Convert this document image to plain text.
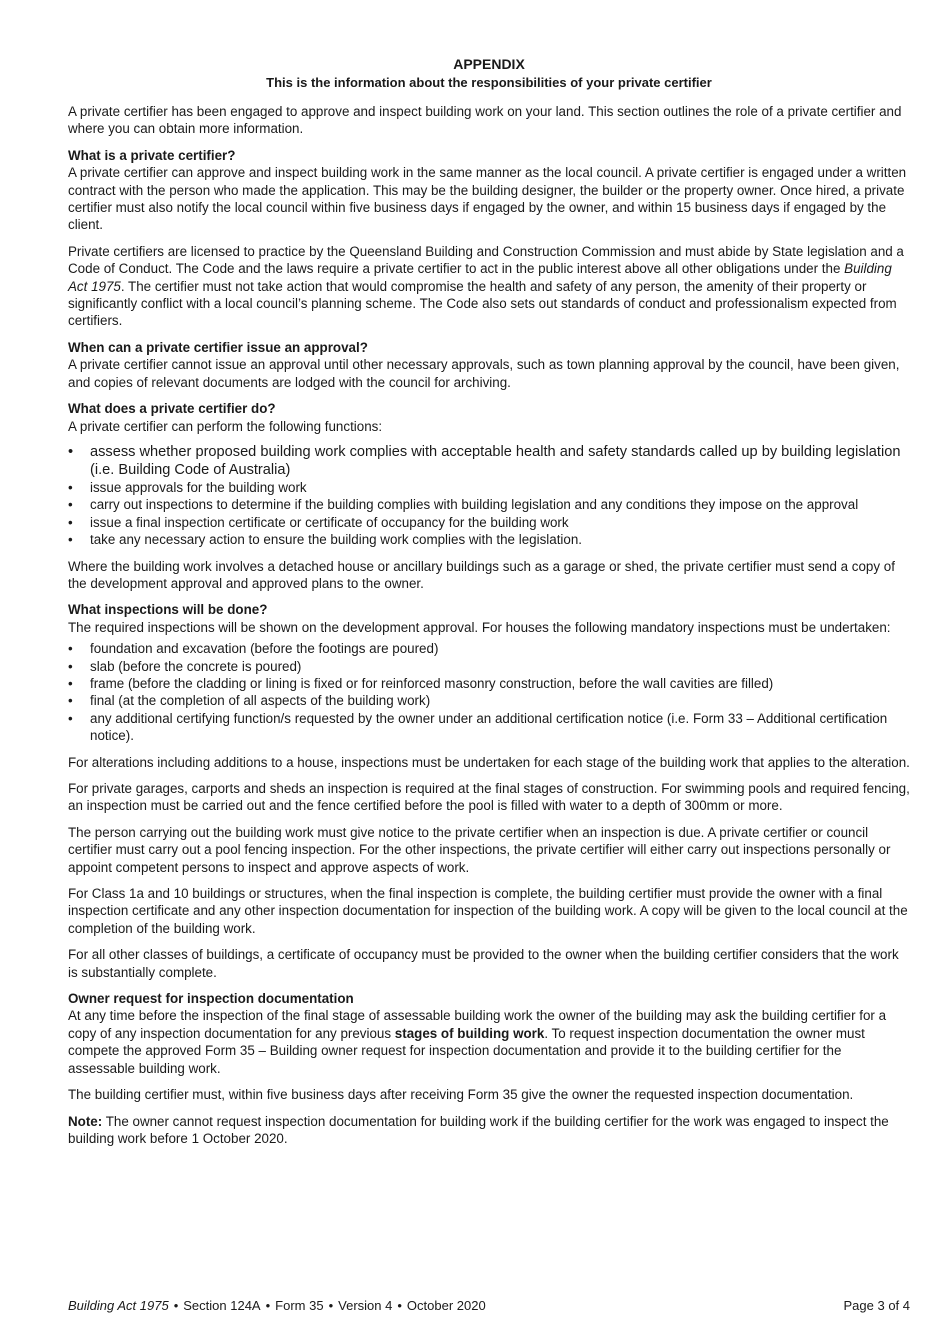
APPENDIX
This is the information about the responsibilities of your private certifier

A private certifier has been engaged to approve and inspect building work on your land. This section outlines the role of a private certifier and where you can obtain more information.

What is a private certifier?

A private certifier can approve and inspect building work in the same manner as the local council. A private certifier is engaged under a written contract with the person who made the application. This may be the building designer, the builder or the property owner. Once hired, a private certifier must also notify the local council within five business days if engaged by the owner, and within 15 business days if engaged by the client.

Private certifiers are licensed to practice by the Queensland Building and Construction Commission and must abide by State legislation and a Code of Conduct. The Code and the laws require a private certifier to act in the public interest above all other obligations under the Building Act 1975. The certifier must not take action that would compromise the health and safety of any person, the amenity of their property or significantly conflict with a local council’s planning scheme. The Code also sets out standards of conduct and professionalism expected from certifiers.

When can a private certifier issue an approval?

A private certifier cannot issue an approval until other necessary approvals, such as town planning approval by the council, have been given, and copies of relevant documents are lodged with the council for archiving.

What does a private certifier do?

A private certifier can perform the following functions:

• assess whether proposed building work complies with acceptable health and safety standards called up by building legislation (i.e. Building Code of Australia)
• issue approvals for the building work
• carry out inspections to determine if the building complies with building legislation and any conditions they impose on the approval
• issue a final inspection certificate or certificate of occupancy for the building work
• take any necessary action to ensure the building work complies with the legislation.

Where the building work involves a detached house or ancillary buildings such as a garage or shed, the private certifier must send a copy of the development approval and approved plans to the owner.

What inspections will be done?

The required inspections will be shown on the development approval. For houses the following mandatory inspections must be undertaken:

• foundation and excavation (before the footings are poured)
• slab (before the concrete is poured)
• frame (before the cladding or lining is fixed or for reinforced masonry construction, before the wall cavities are filled)
• final (at the completion of all aspects of the building work)
• any additional certifying function/s requested by the owner under an additional certification notice (i.e. Form 33 – Additional certification notice).

For alterations including additions to a house, inspections must be undertaken for each stage of the building work that applies to the alteration.

For private garages, carports and sheds an inspection is required at the final stages of construction. For swimming pools and required fencing, an inspection must be carried out and the fence certified before the pool is filled with water to a depth of 300mm or more.

The person carrying out the building work must give notice to the private certifier when an inspection is due. A private certifier or council certifier must carry out a pool fencing inspection. For the other inspections, the private certifier will either carry out inspections personally or appoint competent persons to inspect and approve aspects of work.

For Class 1a and 10 buildings or structures, when the final inspection is complete, the building certifier must provide the owner with a final inspection certificate and any other inspection documentation for inspection of the building work. A copy will be given to the local council at the completion of the building work.

For all other classes of buildings, a certificate of occupancy must be provided to the owner when the building certifier considers that the work is substantially complete.

Owner request for inspection documentation

At any time before the inspection of the final stage of assessable building work the owner of the building may ask the building certifier for a copy of any inspection documentation for any previous stages of building work. To request inspection documentation the owner must compete the approved Form 35 – Building owner request for inspection documentation and provide it to the building certifier for the assessable building work.

The building certifier must, within five business days after receiving Form 35 give the owner the requested inspection documentation.

Note: The owner cannot request inspection documentation for building work if the building certifier for the work was engaged to inspect the building work before 1 October 2020.

Building Act 1975 • Section 124A • Form 35 • Version 4 • October 2020	Page 3 of 4
